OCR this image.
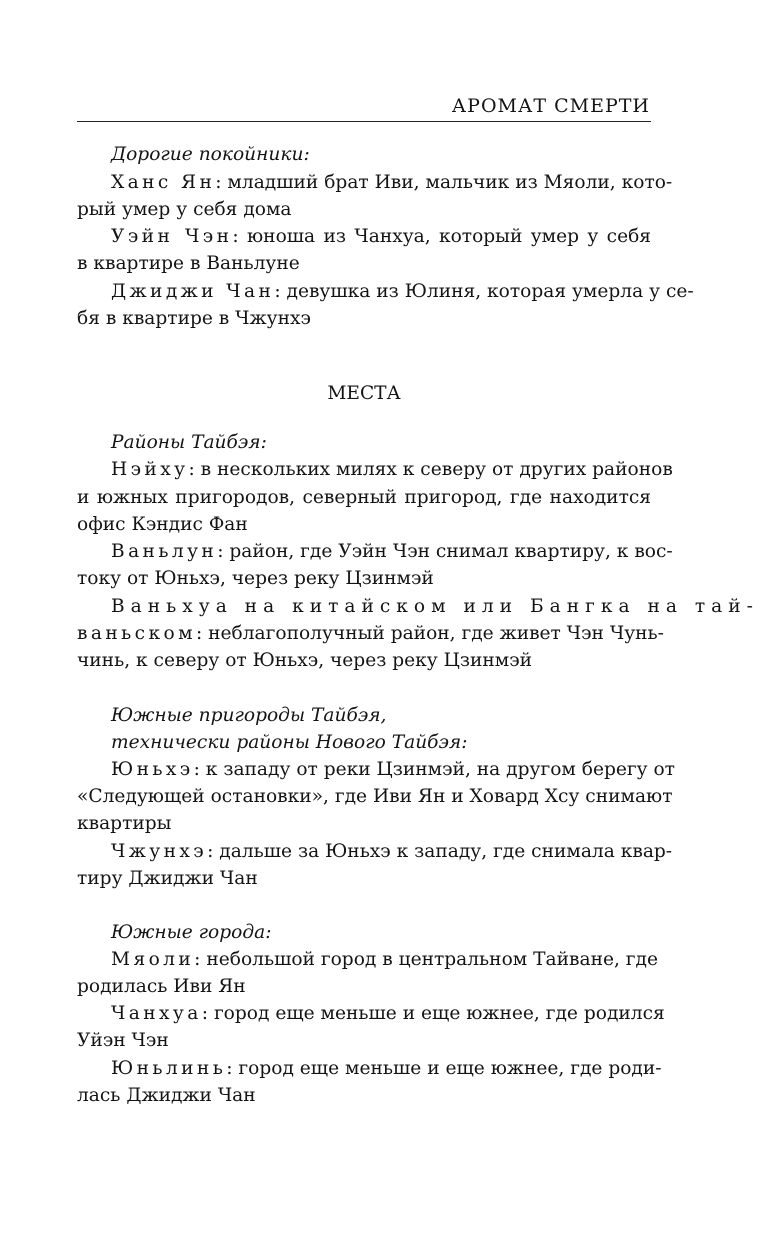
АРОМАТ СМЕРТИ
Дорогие покойники:
Ханс Ян: младший брат Иви, мальчик из Мяоли, кото-
рый умер у себя дома
Уэйн Чэн: юноша из Чанхуа, который умер у себя
в квартире в Ваньлуне
Джиджи Чан: девушка из Юлиня, которая умерла у се-
бя в квартире в Чжунхэ
МЕСТА
Районы Тайбэя:
Нэйху: в нескольких милях к северу от других районов
и южных пригородов, северный пригород, где находится
офис Кэндис Фан
Ваньлун: район, где Уэйн Чэн снимал квартиру, к вос-
току от Юньхэ, через реку Цзинмэй
Ваньхуа на китайском или Бангка на тай-
ваньском: неблагополучный район, где живет Чэн Чунь-
чинь, к северу от Юньхэ, через реку Цзинмэй
Южные пригороды Тайбэя,
технически районы Нового Тайбэя:
Юньхэ: к западу от реки Цзинмэй, на другом берегу от
«Следующей остановки», где Иви Ян и Ховард Хсу снимают
квартиры
Чжунхэ: дальше за Юньхэ к западу, где снимала квар-
тиру Джиджи Чан
Южные города:
Мяоли: небольшой город в центральном Тайване, где
родилась Иви Ян
Чанхуа: город еще меньше и еще южнее, где родился
Уйэн Чэн
Юньлинь: город еще меньше и еще южнее, где роди-
лась Джиджи Чан
